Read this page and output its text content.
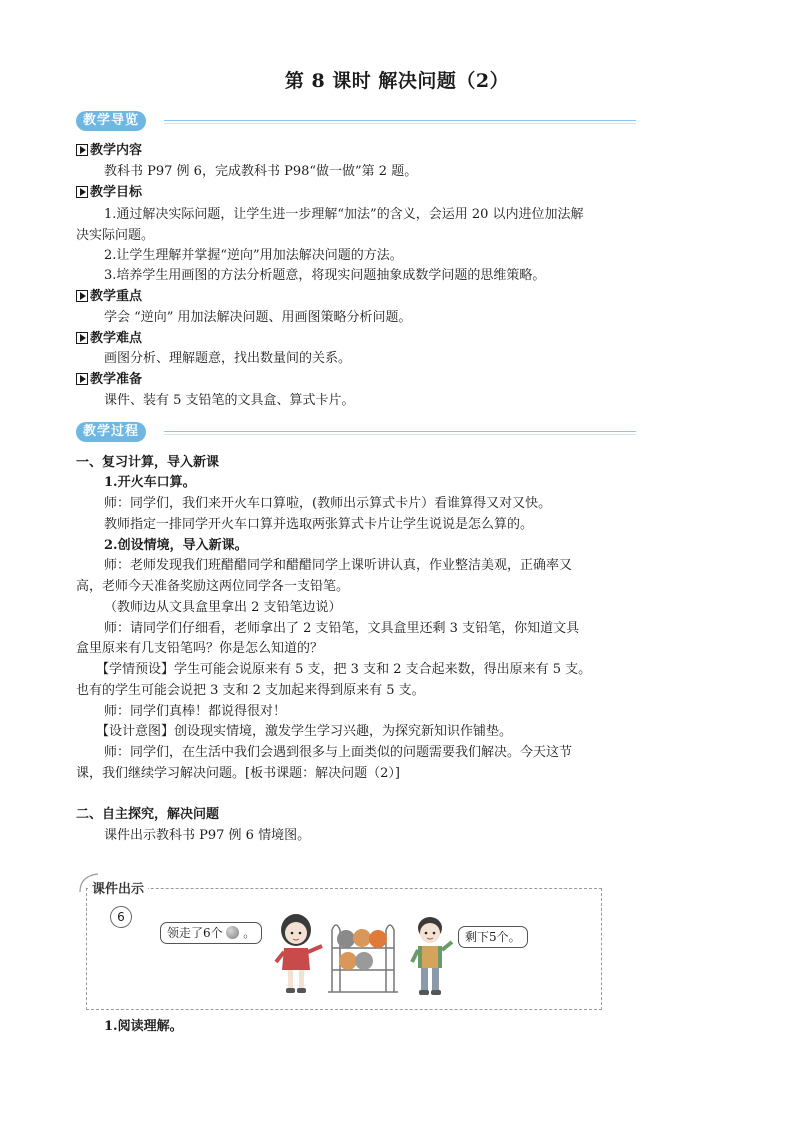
第 8 课时 解决问题（2）
教学导览
教学内容
教科书 P97 例 6，完成教科书 P98“做一做”第 2 题。
教学目标
1.通过解决实际问题，让学生进一步理解“加法”的含义，会运用 20 以内进位加法解
决实际问题。
2.让学生理解并掌握“逆向”用加法解决问题的方法。
3.培养学生用画图的方法分析题意，将现实问题抽象成数学问题的思维策略。
教学重点
学会 “逆向” 用加法解决问题、用画图策略分析问题。
教学难点
画图分析、理解题意，找出数量间的关系。
教学准备
课件、装有 5 支铅笔的文具盒、算式卡片。
教学过程
一、复习计算，导入新课
1.开火车口算。
师：同学们，我们来开火车口算啦，(教师出示算式卡片）看谁算得又对又快。
教师指定一排同学开火车口算并选取两张算式卡片让学生说说是怎么算的。
2.创设情境，导入新课。
师：老师发现我们班醋醋同学和醋醋同学上课听讲认真，作业整洁美观，正确率又
高，老师今天准备奖励这两位同学各一支铅笔。
（教师边从文具盒里拿出 2 支铅笔边说）
师：请同学们仔细看，老师拿出了 2 支铅笔，文具盒里还剩 3 支铅笔，你知道文具
盒里原来有几支铅笔吗？你是怎么知道的？
【学情预设】学生可能会说原来有 5 支，把 3 支和 2 支合起来数，得出原来有 5 支。
也有的学生可能会说把 3 支和 2 支加起来得到原来有 5 支。
师：同学们真棒！都说得很对！
【设计意图】创设现实情境，激发学生学习兴趣，为探究新知识作铺垫。
师：同学们，在生活中我们会遇到很多与上面类似的问题需要我们解决。今天这节
课，我们继续学习解决问题。[板书课题：解决问题（2）]
二、自主探究，解决问题
课件出示教科书 P97 例 6 情境图。
课件出示
6
领走了6个 。	剩下5个。
1.阅读理解。
